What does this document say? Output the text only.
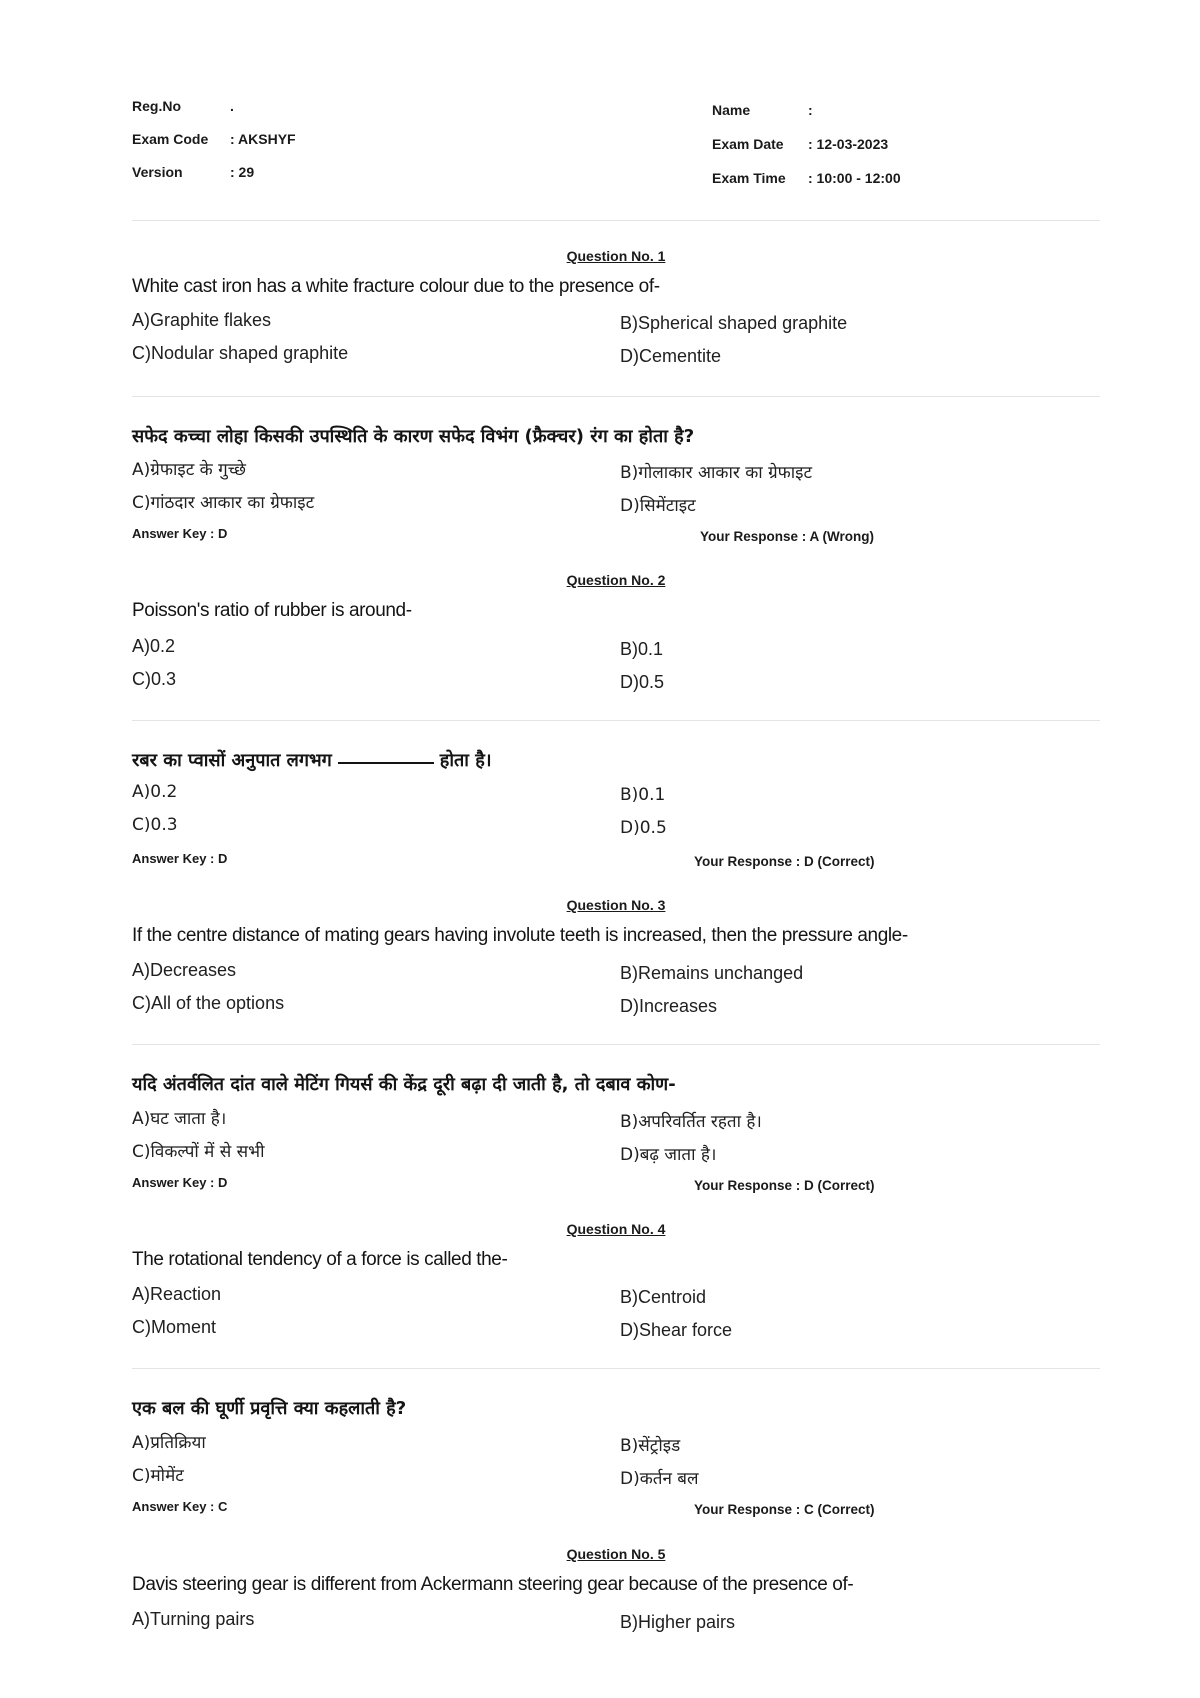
Reg.No	.
Exam Code : AKSHYF
Version	: 29
Name	:
Exam Date : 12-03-2023
Exam Time : 10:00 - 12:00
Question No. 1
White cast iron has a white fracture colour due to the presence of-
A)Graphite flakes	B)Spherical shaped graphite
C)Nodular shaped graphite	D)Cementite
सफेद कच्चा लोहा किसकी उपस्थिति के कारण सफेद विभंग (फ्रैक्चर) रंग का होता है?
A)ग्रेफाइट के गुच्छे	B)गोलाकार आकार का ग्रेफाइट
C)गांठदार आकार का ग्रेफाइट	D)सिमेंटाइट
Answer Key : D	Your Response : A (Wrong)
Question No. 2
Poisson's ratio of rubber is around-
A)0.2	B)0.1
C)0.3	D)0.5
रबर का प्वासों अनुपात लगभग	होता है।
A)0.2	B)0.1
C)0.3	D)0.5
Answer Key : D	Your Response : D (Correct)
Question No. 3
If the centre distance of mating gears having involute teeth is increased, then the pressure angle-
A)Decreases	B)Remains unchanged
C)All of the options	D)Increases
यदि अंतर्वलित दांत वाले मेटिंग गियर्स की केंद्र दूरी बढ़ा दी जाती है, तो दबाव कोण-
A)घट जाता है।	B)अपरिवर्तित रहता है।
C)विकल्पों में से सभी	D)बढ़ जाता है।
Answer Key : D	Your Response : D (Correct)
Question No. 4
The rotational tendency of a force is called the-
A)Reaction	B)Centroid
C)Moment	D)Shear force
एक बल की घूर्णी प्रवृत्ति क्या कहलाती है?
A)प्रतिक्रिया	B)सेंट्रोइड
C)मोमेंट	D)कर्तन बल
Answer Key : C	Your Response : C (Correct)
Question No. 5
Davis steering gear is different from Ackermann steering gear because of the presence of-
A)Turning pairs	B)Higher pairs
